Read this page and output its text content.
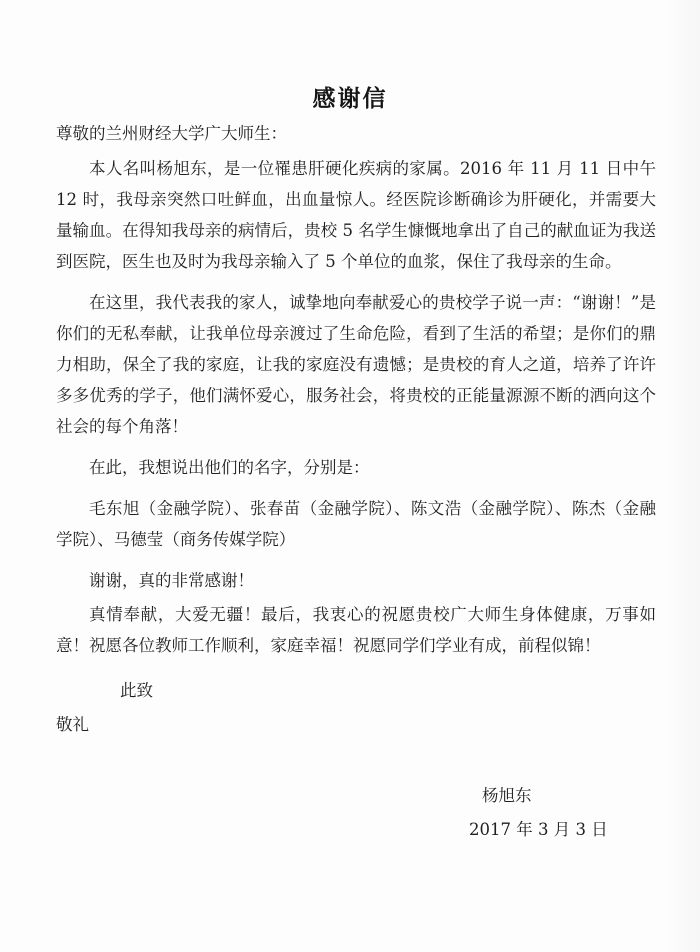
感谢信

尊敬的兰州财经大学广大师生：

本人名叫杨旭东，是一位罹患肝硬化疾病的家属。2016 年 11 月 11 日中午 12 时，我母亲突然口吐鲜血，出血量惊人。经医院诊断确诊为肝硬化，并需要大量输血。在得知我母亲的病情后，贵校 5 名学生慷慨地拿出了自己的献血证为我送到医院，医生也及时为我母亲输入了 5 个单位的血浆，保住了我母亲的生命。

在这里，我代表我的家人，诚挚地向奉献爱心的贵校学子说一声：“谢谢！”是你们的无私奉献，让我单位母亲渡过了生命危险，看到了生活的希望；是你们的鼎力相助，保全了我的家庭，让我的家庭没有遗憾；是贵校的育人之道，培养了许许多多优秀的学子，他们满怀爱心，服务社会，将贵校的正能量源源不断的洒向这个社会的每个角落！

在此，我想说出他们的名字，分别是：

毛东旭（金融学院）、张春苗（金融学院）、陈文浩（金融学院）、陈杰（金融学院）、马德莹（商务传媒学院）

谢谢，真的非常感谢！

真情奉献，大爱无疆！最后，我衷心的祝愿贵校广大师生身体健康，万事如意！祝愿各位教师工作顺利，家庭幸福！祝愿同学们学业有成，前程似锦！

此致
敬礼
杨旭东
2017 年 3 月 3 日
